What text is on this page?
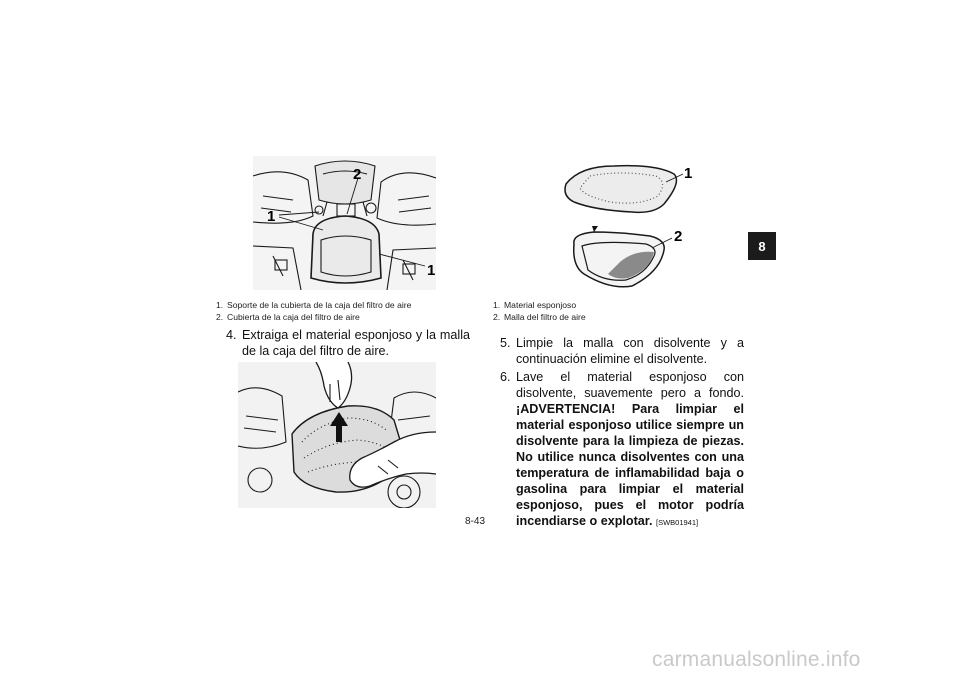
1
2
1
1. Soporte de la cubierta de la caja del filtro de aire
2. Cubierta de la caja del filtro de aire

4. Extraiga el material esponjoso y la malla de la caja del filtro de aire.

1
2
1. Material esponjoso
2. Malla del filtro de aire

5. Limpie la malla con disolvente y a continuación elimine el disolvente.

6. Lave el material esponjoso con disolvente, suavemente pero a fondo. ¡ADVERTENCIA! Para limpiar el material esponjoso utilice siempre un disolvente para la limpieza de piezas. No utilice nunca disolventes con una temperatura de inflamabilidad baja o gasolina para limpiar el material esponjoso, pues el motor podría incendiarse o explotar. [SWB01941]

8-43
8
carmanualsonline.info
